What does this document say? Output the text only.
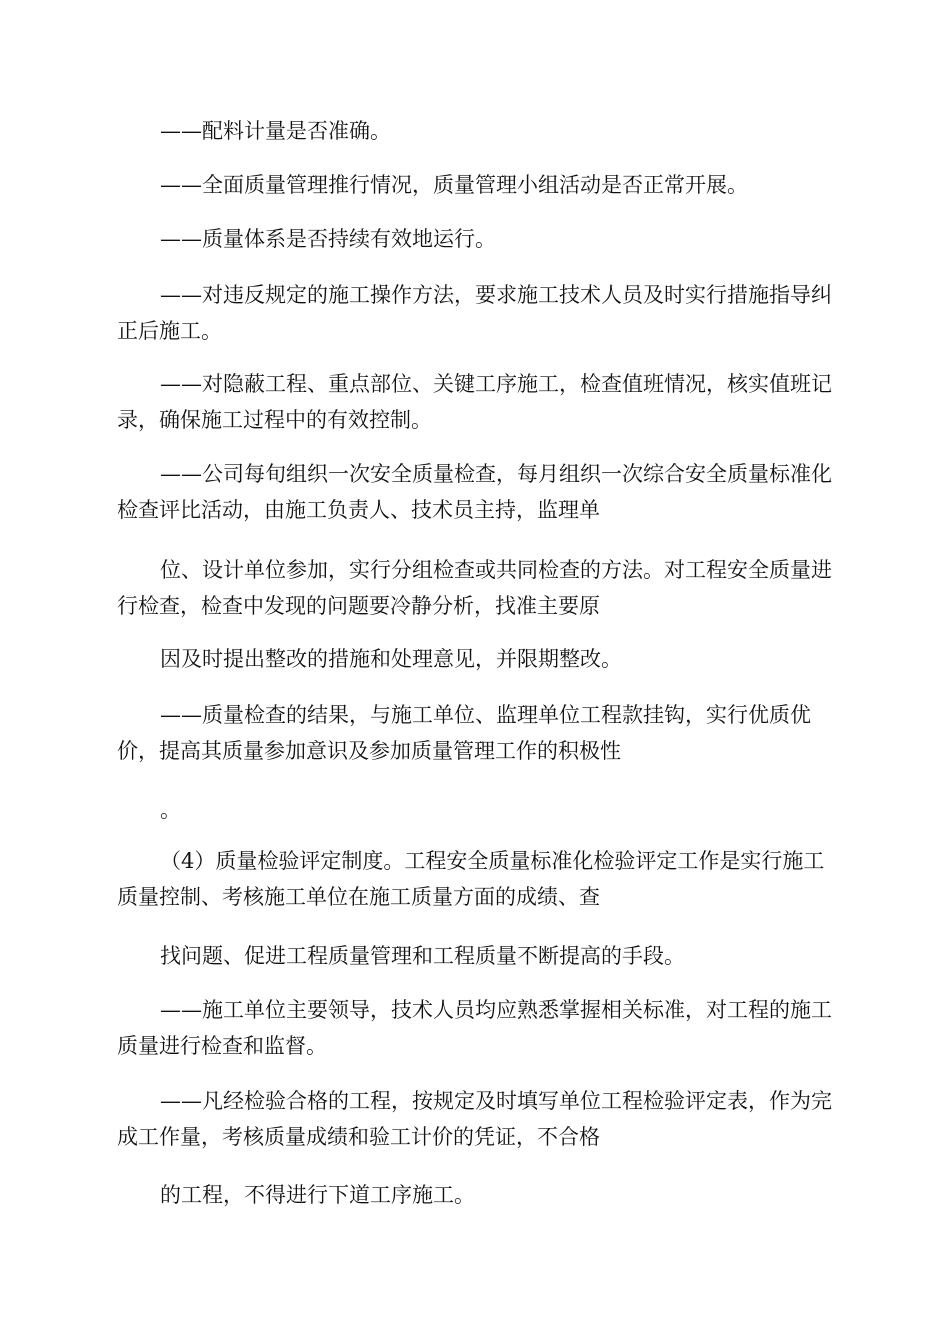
——配料计量是否准确。

——全面质量管理推行情况，质量管理小组活动是否正常开展。

——质量体系是否持续有效地运行。

——对违反规定的施工操作方法，要求施工技术人员及时实行措施指导纠正后施工。

——对隐蔽工程、重点部位、关键工序施工，检查值班情况，核实值班记录，确保施工过程中的有效控制。

——公司每旬组织一次安全质量检查，每月组织一次综合安全质量标准化检查评比活动，由施工负责人、技术员主持，监理单

位、设计单位参加，实行分组检查或共同检查的方法。对工程安全质量进行检查，检查中发现的问题要冷静分析，找准主要原

因及时提出整改的措施和处理意见，并限期整改。

——质量检查的结果，与施工单位、监理单位工程款挂钩，实行优质优价，提高其质量参加意识及参加质量管理工作的积极性

。

（4）质量检验评定制度。工程安全质量标准化检验评定工作是实行施工质量控制、考核施工单位在施工质量方面的成绩、查

找问题、促进工程质量管理和工程质量不断提高的手段。

——施工单位主要领导，技术人员均应熟悉掌握相关标准，对工程的施工质量进行检查和监督。

——凡经检验合格的工程，按规定及时填写单位工程检验评定表，作为完成工作量，考核质量成绩和验工计价的凭证，不合格

的工程，不得进行下道工序施工。
